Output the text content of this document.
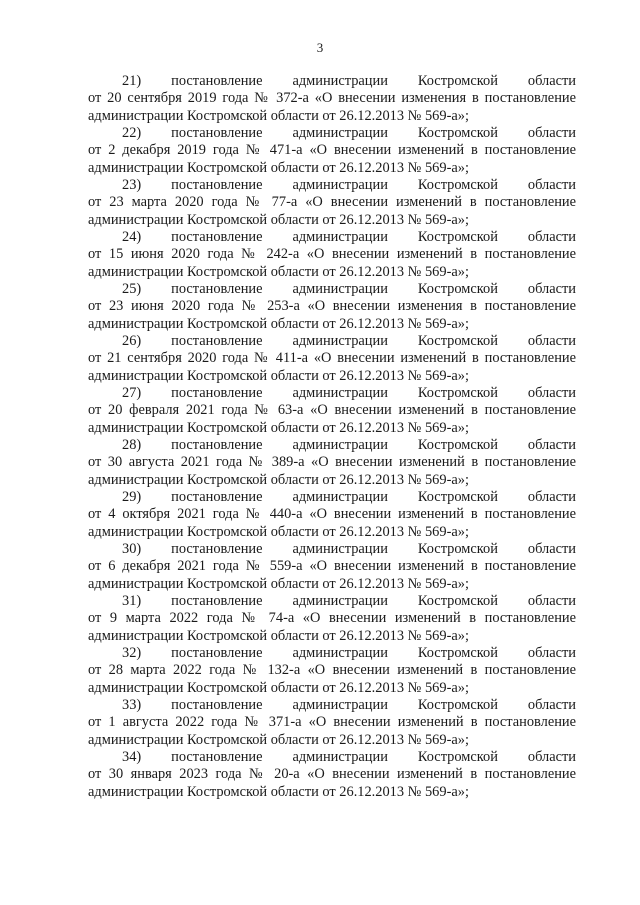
3
21) постановление администрации Костромской области
от 20 сентября 2019 года № 372-а «О внесении изменения в постановление
администрации Костромской области от 26.12.2013 № 569-а»;
22) постановление администрации Костромской области
от 2 декабря 2019 года № 471-а «О внесении изменений в постановление
администрации Костромской области от 26.12.2013 № 569-а»;
23) постановление администрации Костромской области
от 23 марта 2020 года № 77-а «О внесении изменений в постановление
администрации Костромской области от 26.12.2013 № 569-а»;
24) постановление администрации Костромской области
от 15 июня 2020 года № 242-а «О внесении изменений в постановление
администрации Костромской области от 26.12.2013 № 569-а»;
25) постановление администрации Костромской области
от 23 июня 2020 года № 253-а «О внесении изменения в постановление
администрации Костромской области от 26.12.2013 № 569-а»;
26) постановление администрации Костромской области
от 21 сентября 2020 года № 411-а «О внесении изменений в постановление
администрации Костромской области от 26.12.2013 № 569-а»;
27) постановление администрации Костромской области
от 20 февраля 2021 года № 63-а «О внесении изменений в постановление
администрации Костромской области от 26.12.2013 № 569-а»;
28) постановление администрации Костромской области
от 30 августа 2021 года № 389-а «О внесении изменений в постановление
администрации Костромской области от 26.12.2013 № 569-а»;
29) постановление администрации Костромской области
от 4 октября 2021 года № 440-а «О внесении изменений в постановление
администрации Костромской области от 26.12.2013 № 569-а»;
30) постановление администрации Костромской области
от 6 декабря 2021 года № 559-а «О внесении изменений в постановление
администрации Костромской области от 26.12.2013 № 569-а»;
31) постановление администрации Костромской области
от 9 марта 2022 года № 74-а «О внесении изменений в постановление
администрации Костромской области от 26.12.2013 № 569-а»;
32) постановление администрации Костромской области
от 28 марта 2022 года № 132-а «О внесении изменений в постановление
администрации Костромской области от 26.12.2013 № 569-а»;
33) постановление администрации Костромской области
от 1 августа 2022 года № 371-а «О внесении изменений в постановление
администрации Костромской области от 26.12.2013 № 569-а»;
34) постановление администрации Костромской области
от 30 января 2023 года № 20-а «О внесении изменений в постановление
администрации Костромской области от 26.12.2013 № 569-а»;
